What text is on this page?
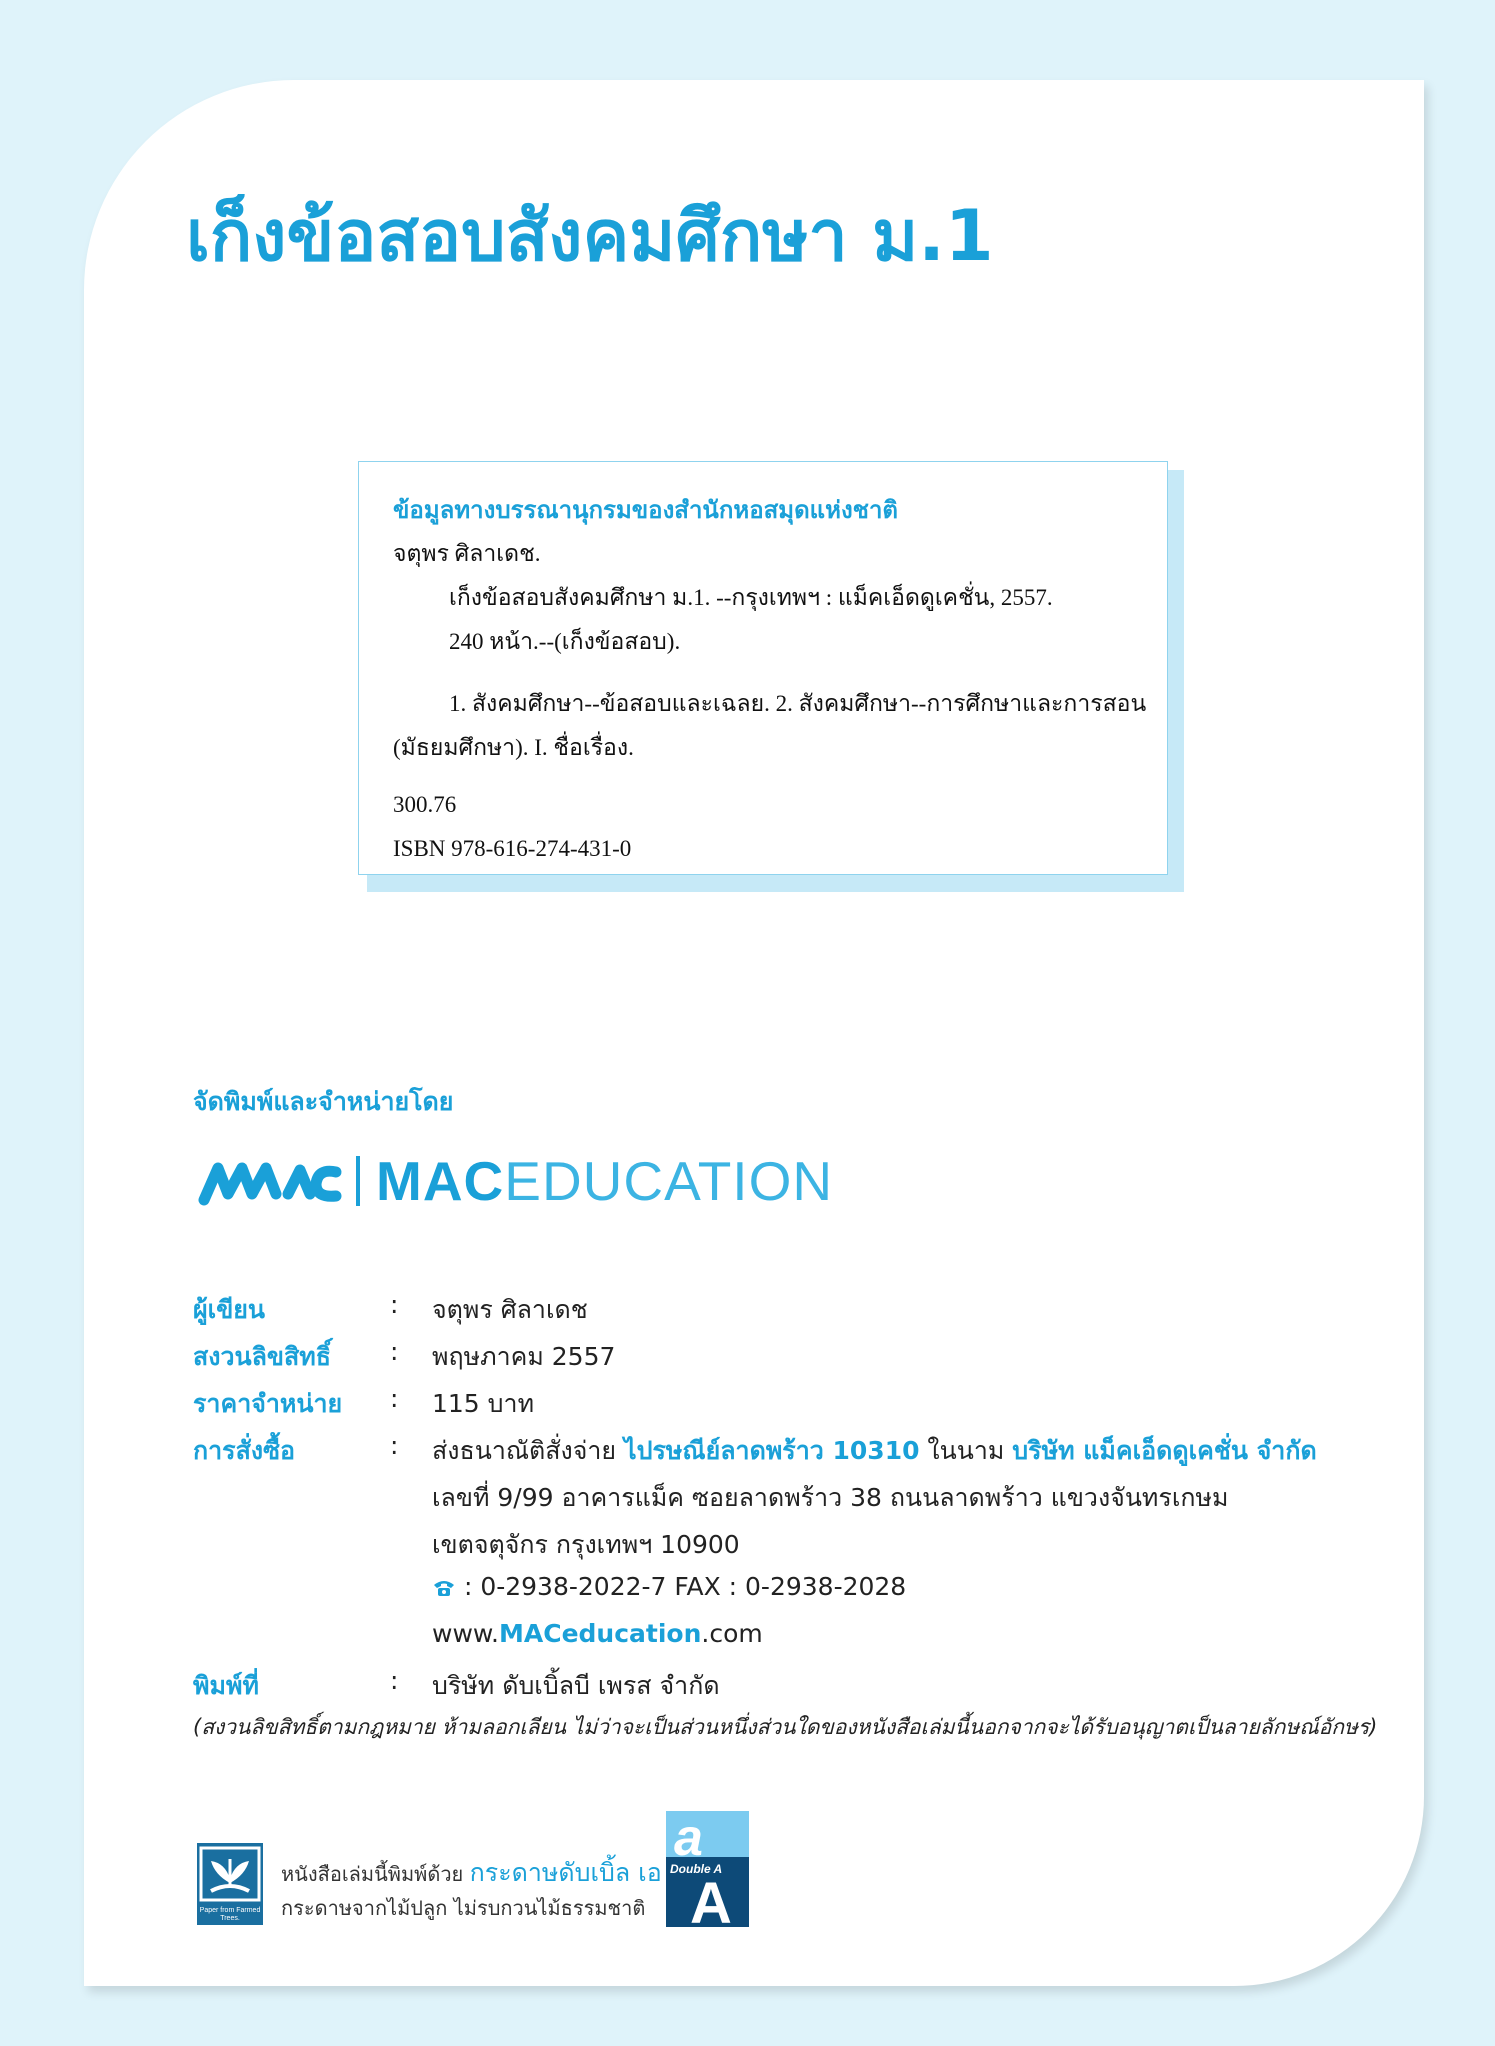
เก็งข้อสอบสังคมศึกษา ม.1
ข้อมูลทางบรรณานุกรมของสำนักหอสมุดแห่งชาติ
จตุพร ศิลาเดช.
เก็งข้อสอบสังคมศึกษา ม.1. --กรุงเทพฯ : แม็คเอ็ดดูเคชั่น, 2557.
240 หน้า.--(เก็งข้อสอบ).
1. สังคมศึกษา--ข้อสอบและเฉลย. 2. สังคมศึกษา--การศึกษาและการสอน
(มัธยมศึกษา). I. ชื่อเรื่อง.
300.76
ISBN 978-616-274-431-0
จัดพิมพ์และจำหน่ายโดย
MACEDUCATION
ผู้เขียน	: จตุพร ศิลาเดช
สงวนลิขสิทธิ์ : พฤษภาคม 2557
ราคาจำหน่าย : 115 บาท
การสั่งซื้อ	: ส่งธนาณัติสั่งจ่าย ไปรษณีย์ลาดพร้าว 10310 ในนาม บริษัท แม็คเอ็ดดูเคชั่น จำกัด
เลขที่ 9/99 อาคารแม็ค ซอยลาดพร้าว 38 ถนนลาดพร้าว แขวงจันทรเกษม
เขตจตุจักร กรุงเทพฯ 10900
: 0-2938-2022-7 FAX : 0-2938-2028
www.MACeducation.com
พิมพ์ที่	: บริษัท ดับเบิ้ลบี เพรส จำกัด
(สงวนลิขสิทธิ์ตามกฎหมาย ห้ามลอกเลียน ไม่ว่าจะเป็นส่วนหนึ่งส่วนใดของหนังสือเล่มนี้นอกจากจะได้รับอนุญาตเป็นลายลักษณ์อักษร)
Paper from Farmed Trees.
หนังสือเล่มนี้พิมพ์ด้วย กระดาษดับเบิ้ล เอ
กระดาษจากไม้ปลูก ไม่รบกวนไม้ธรรมชาติ
a
Double A
A
